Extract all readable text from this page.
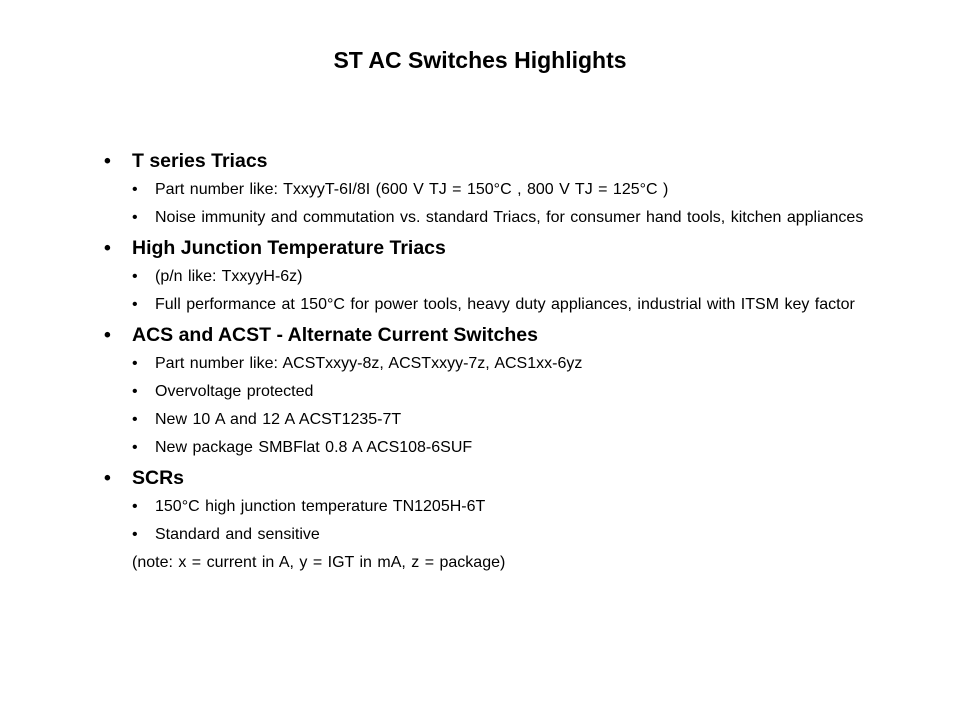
ST AC Switches Highlights
• T series Triacs
• Part number like: TxxyyT-6I/8I (600 V TJ = 150°C , 800 V TJ = 125°C )
• Noise immunity and commutation vs. standard Triacs, for consumer hand tools, kitchen appliances
• High Junction Temperature Triacs
• (p/n like: TxxyyH-6z)
• Full performance at 150°C for power tools, heavy duty appliances, industrial with ITSM key factor
• ACS and ACST - Alternate Current Switches
• Part number like: ACSTxxyy-8z, ACSTxxyy-7z, ACS1xx-6yz
• Overvoltage protected
• New 10 A and 12 A ACST1235-7T
• New package SMBFlat 0.8 A ACS108-6SUF
• SCRs
• 150°C high junction temperature TN1205H-6T
• Standard and sensitive
(note: x = current in A, y = IGT in mA, z = package)
